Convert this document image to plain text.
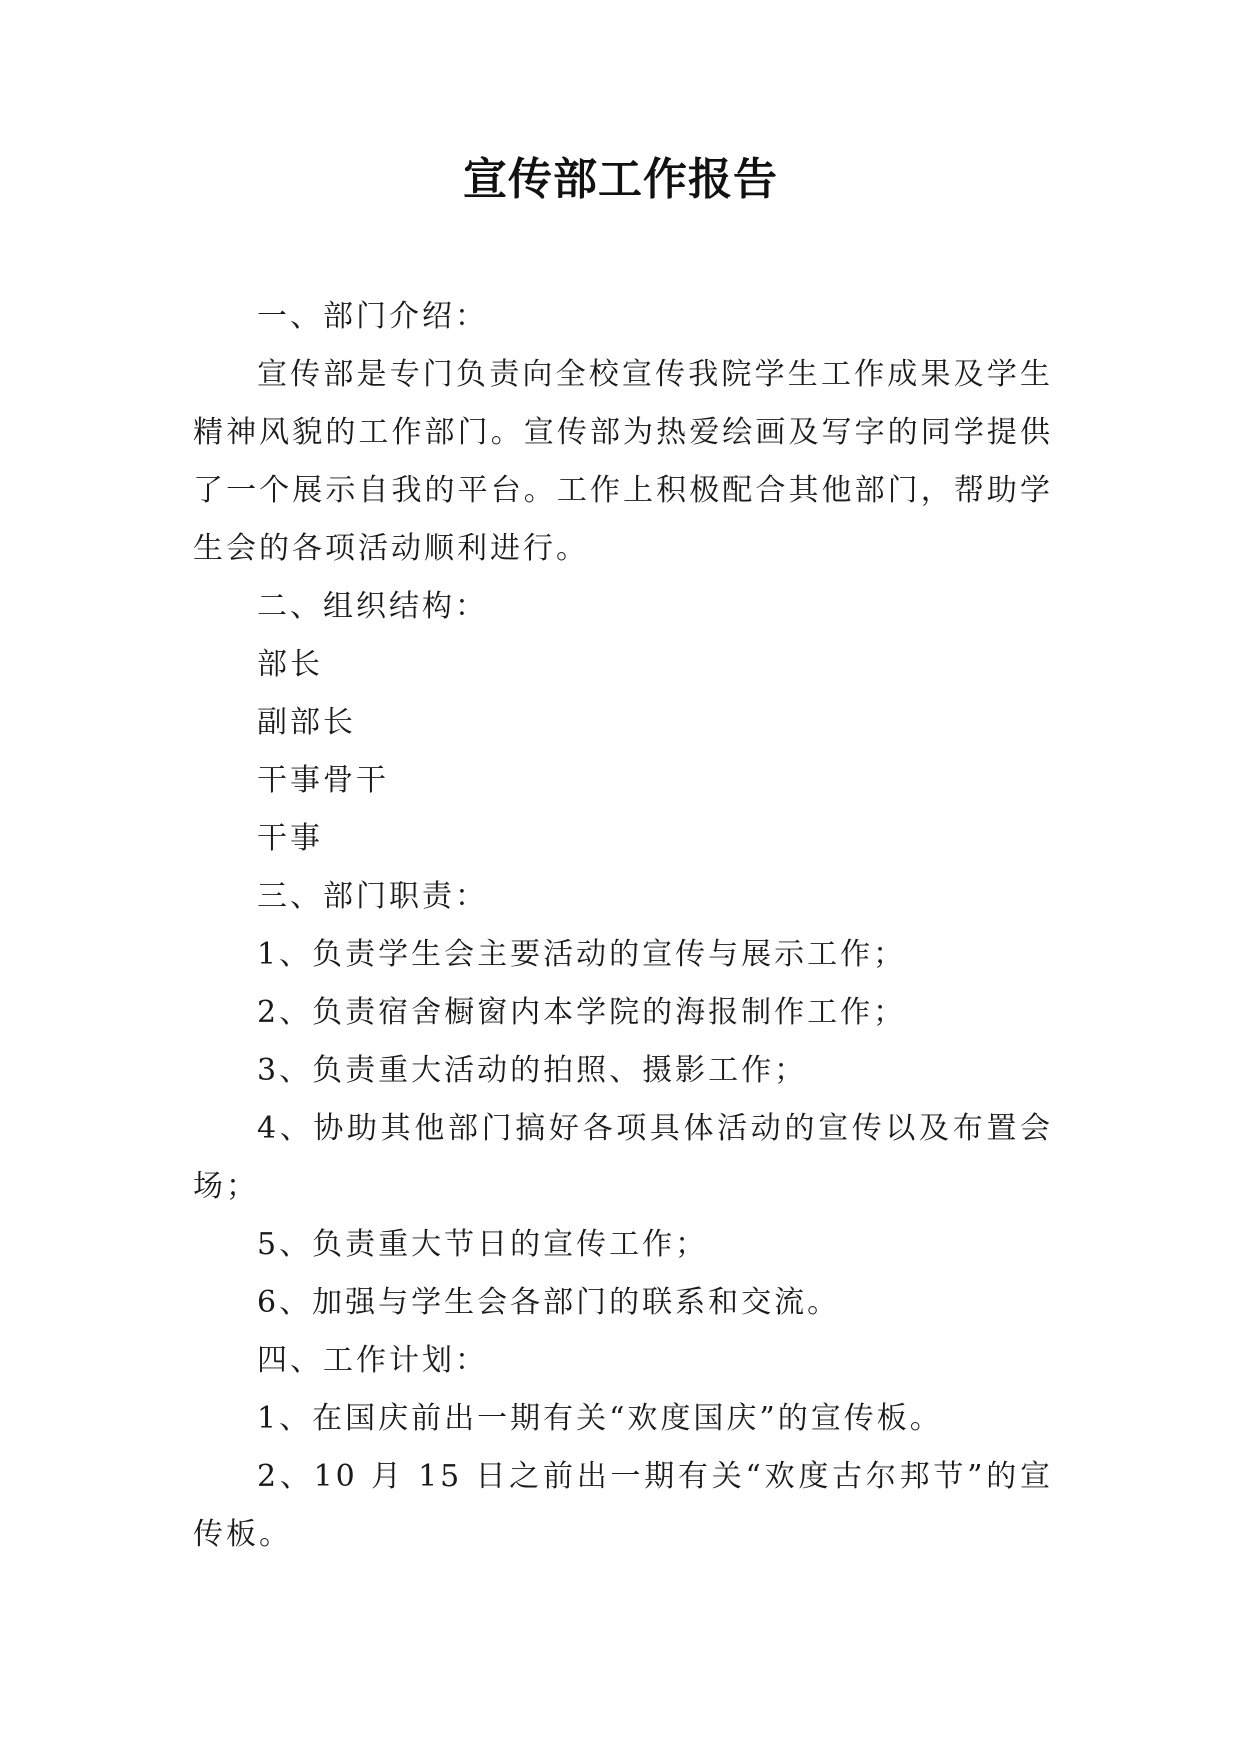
宣传部工作报告

一、部门介绍：

宣传部是专门负责向全校宣传我院学生工作成果及学生精神风貌的工作部门。宣传部为热爱绘画及写字的同学提供了一个展示自我的平台。工作上积极配合其他部门，帮助学生会的各项活动顺利进行。

二、组织结构：

部长

副部长

干事骨干

干事

三、部门职责：

1、负责学生会主要活动的宣传与展示工作；

2、负责宿舍橱窗内本学院的海报制作工作；

3、负责重大活动的拍照、摄影工作；

4、协助其他部门搞好各项具体活动的宣传以及布置会场；

5、负责重大节日的宣传工作；

6、加强与学生会各部门的联系和交流。

四、工作计划：

1、在国庆前出一期有关“欢度国庆”的宣传板。

2、10 月 15 日之前出一期有关“欢度古尔邦节”的宣传板。
